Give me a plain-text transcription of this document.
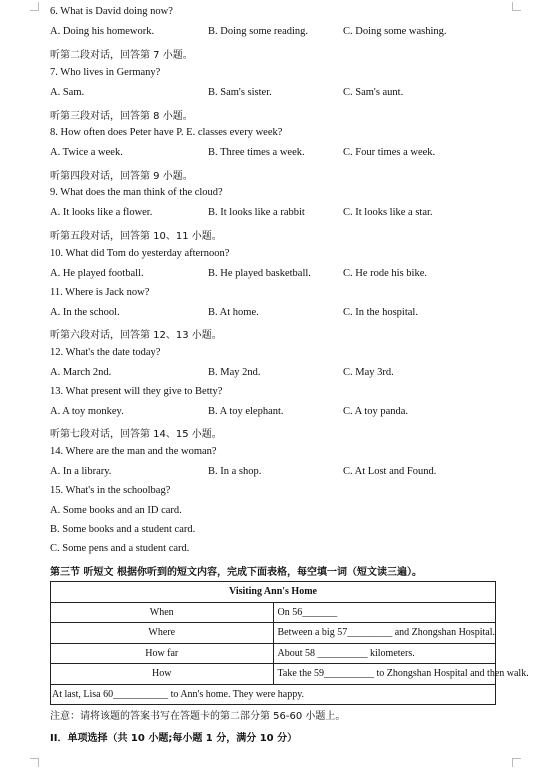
6. What is David doing now?
A. Doing his homework.	B. Doing some reading.	C. Doing some washing.
听第二段对话，回答第 7 小题。
7. Who lives in Germany?
A. Sam.	B. Sam's sister.	C. Sam's aunt.
听第三段对话，回答第 8 小题。
8. How often does Peter have P. E. classes every week?
A. Twice a week.	B. Three times a week.	C. Four times a week.
听第四段对话，回答第 9 小题。
9. What does the man think of the cloud?
A. It looks like a flower.	B. It looks like a rabbit	C. It looks like a star.
听第五段对话，回答第 10、11 小题。
10. What did Tom do yesterday afternoon?
A. He played football.	B. He played basketball.	C. He rode his bike.
11. Where is Jack now?
A. In the school.	B. At home.	C. In the hospital.
听第六段对话，回答第 12、13 小题。
12. What's the date today?
A. March 2nd.	B. May 2nd.	C. May 3rd.
13. What present will they give to Betty?
A. A toy monkey.	B. A toy elephant.	C. A toy panda.
听第七段对话，回答第 14、15 小题。
14. Where are the man and the woman?
A. In a library.	B. In a shop.	C. At Lost and Found.
15. What's in the schoolbag?
A. Some books and an ID card.
B. Some books and a student card.
C. Some pens and a student card.
第三节 听短文 根据你听到的短文内容，完成下面表格，每空填一词（短文读三遍）。
Visiting Ann's Home	
When	On 56_______
Where	Between a big 57_________ and Zhongshan Hospital.
How far	About 58 __________ kilometers.
How	Take the 59__________ to Zhongshan Hospital and then walk.
At last, Lisa 60___________ to Ann's home. They were happy.	
注意：请将该题的答案书写在答题卡的第二部分第 56-60 小题上。
II．单项选择（共 10 小题;每小题 1 分，满分 10 分）
